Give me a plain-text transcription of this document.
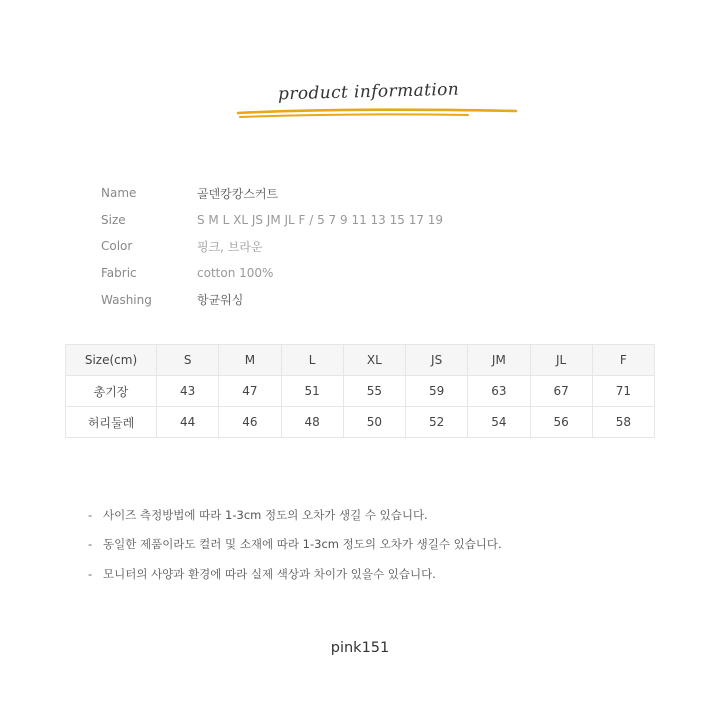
product information
Name	골덴캉캉스커트
Size	S M L XL JS JM JL F / 5 7 9 11 13 15 17 19
Color	핑크, 브라운
Fabric	cotton 100%
Washing	항균워싱
Size(cm)	S	M	L	XL	JS	JM	JL	F
총기장	43	47	51	55	59	63	67	71
허리둘레	44	46	48	50	52	54	56	58
- 사이즈 측정방법에 따라 1-3cm 정도의 오차가 생길 수 있습니다.
- 동일한 제품이라도 컬러 및 소재에 따라 1-3cm 정도의 오차가 생길수 있습니다.
- 모니터의 사양과 환경에 따라 실제 색상과 차이가 있을수 있습니다.
pink151
